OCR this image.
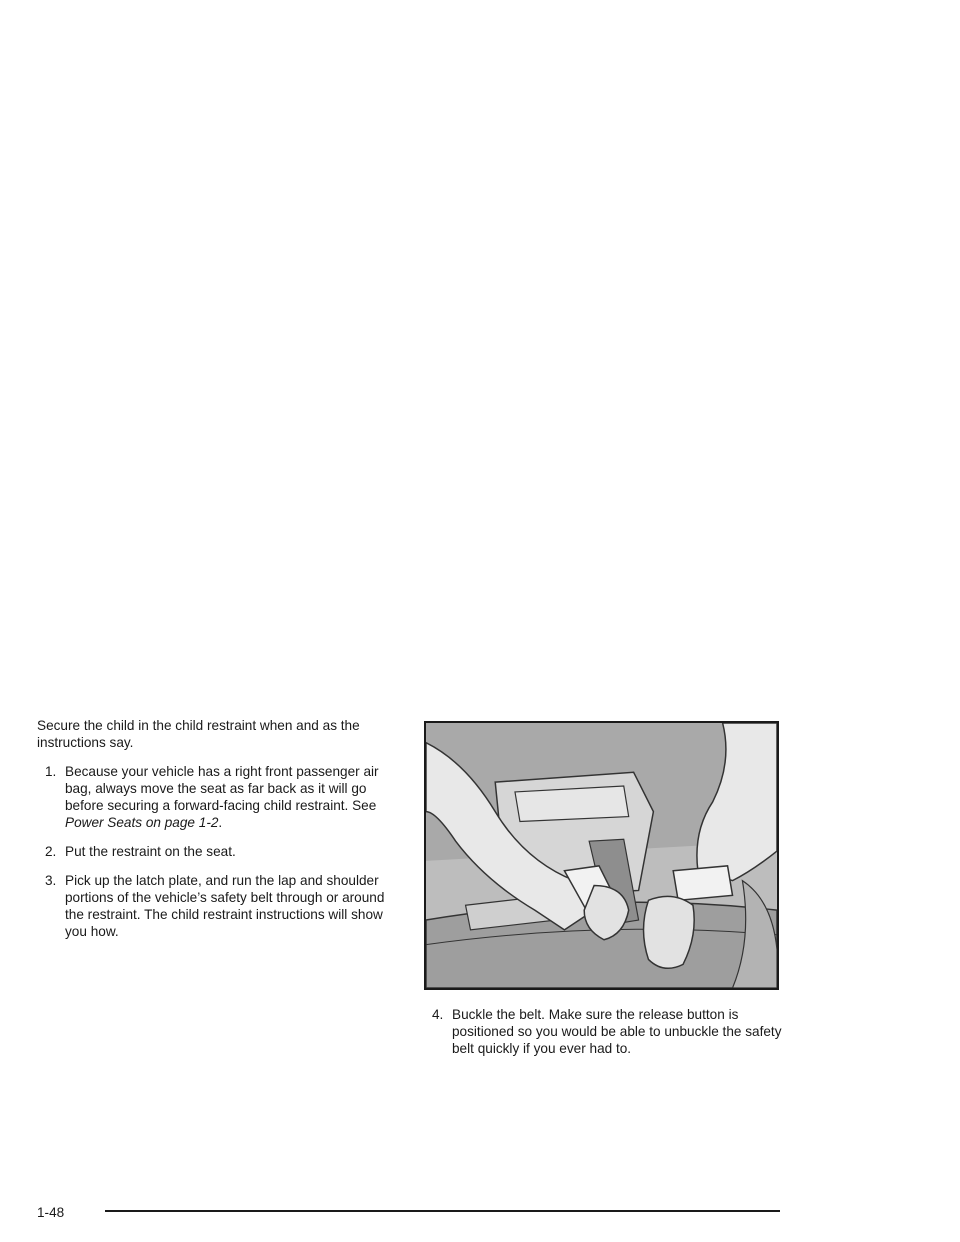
Secure the child in the child restraint when and as the instructions say.

1. Because your vehicle has a right front passenger air bag, always move the seat as far back as it will go before securing a forward-facing child restraint. See Power Seats on page 1-2.
2. Put the restraint on the seat.
3. Pick up the latch plate, and run the lap and shoulder portions of the vehicle’s safety belt through or around the restraint. The child restraint instructions will show you how.
4. Buckle the belt. Make sure the release button is positioned so you would be able to unbuckle the safety belt quickly if you ever had to.
1-48
